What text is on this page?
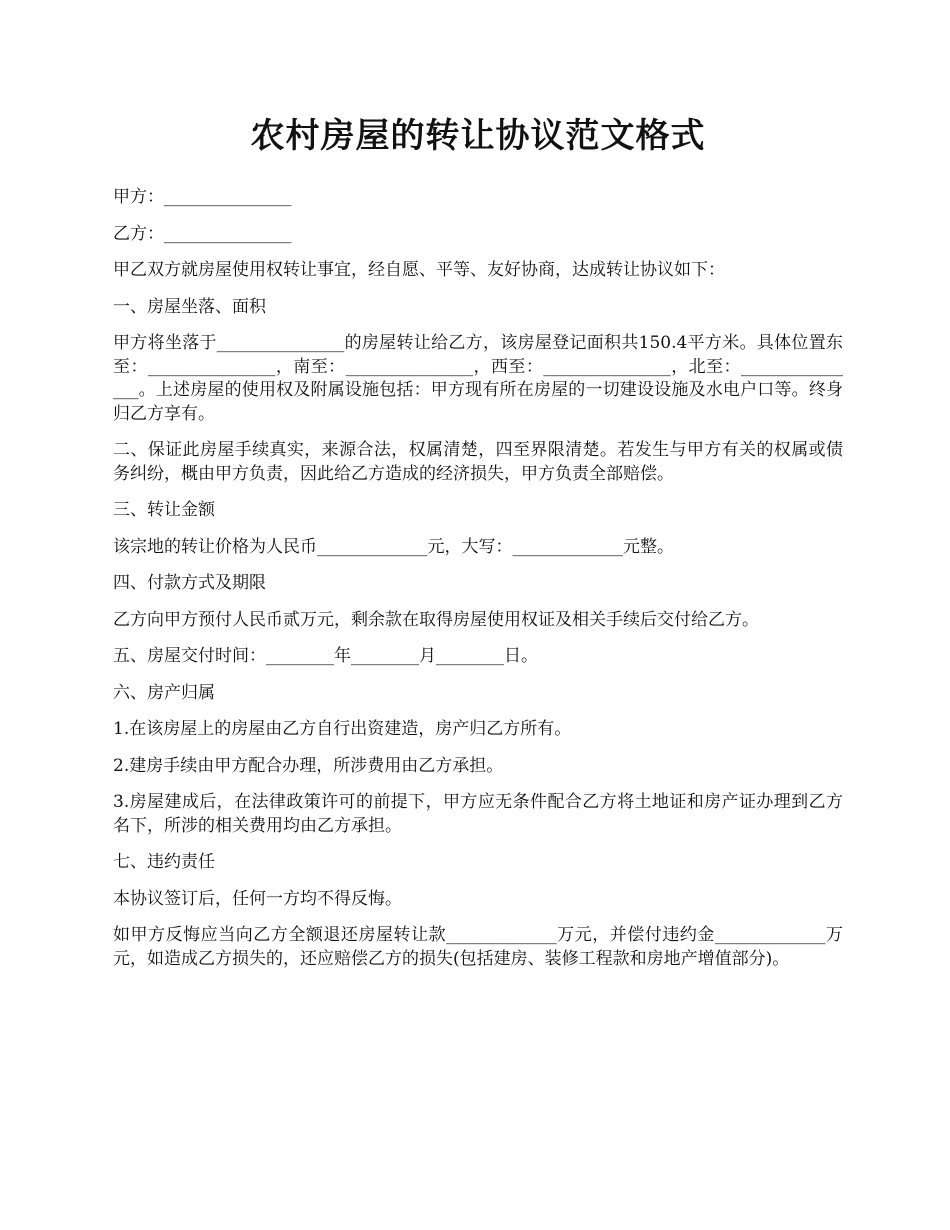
农村房屋的转让协议范文格式

甲方：_______________

乙方：_______________

甲乙双方就房屋使用权转让事宜，经自愿、平等、友好协商，达成转让协议如下：

一、房屋坐落、面积

甲方将坐落于_______________的房屋转让给乙方，该房屋登记面积共150.4平方米。具体位置东至：_______________，南至：_______________，西至：_______________，北至：_______________。上述房屋的使用权及附属设施包括：甲方现有所在房屋的一切建设设施及水电户口等。终身归乙方享有。

二、保证此房屋手续真实，来源合法，权属清楚，四至界限清楚。若发生与甲方有关的权属或债务纠纷，概由甲方负责，因此给乙方造成的经济损失，甲方负责全部赔偿。

三、转让金额

该宗地的转让价格为人民币_____________元，大写：_____________元整。

四、付款方式及期限

乙方向甲方预付人民币贰万元，剩余款在取得房屋使用权证及相关手续后交付给乙方。

五、房屋交付时间：________年________月________日。

六、房产归属

1.在该房屋上的房屋由乙方自行出资建造，房产归乙方所有。

2.建房手续由甲方配合办理，所涉费用由乙方承担。

3.房屋建成后，在法律政策许可的前提下，甲方应无条件配合乙方将土地证和房产证办理到乙方名下，所涉的相关费用均由乙方承担。

七、违约责任

本协议签订后，任何一方均不得反悔。

如甲方反悔应当向乙方全额退还房屋转让款_____________万元，并偿付违约金_____________万元，如造成乙方损失的，还应赔偿乙方的损失(包括建房、装修工程款和房地产增值部分)。
